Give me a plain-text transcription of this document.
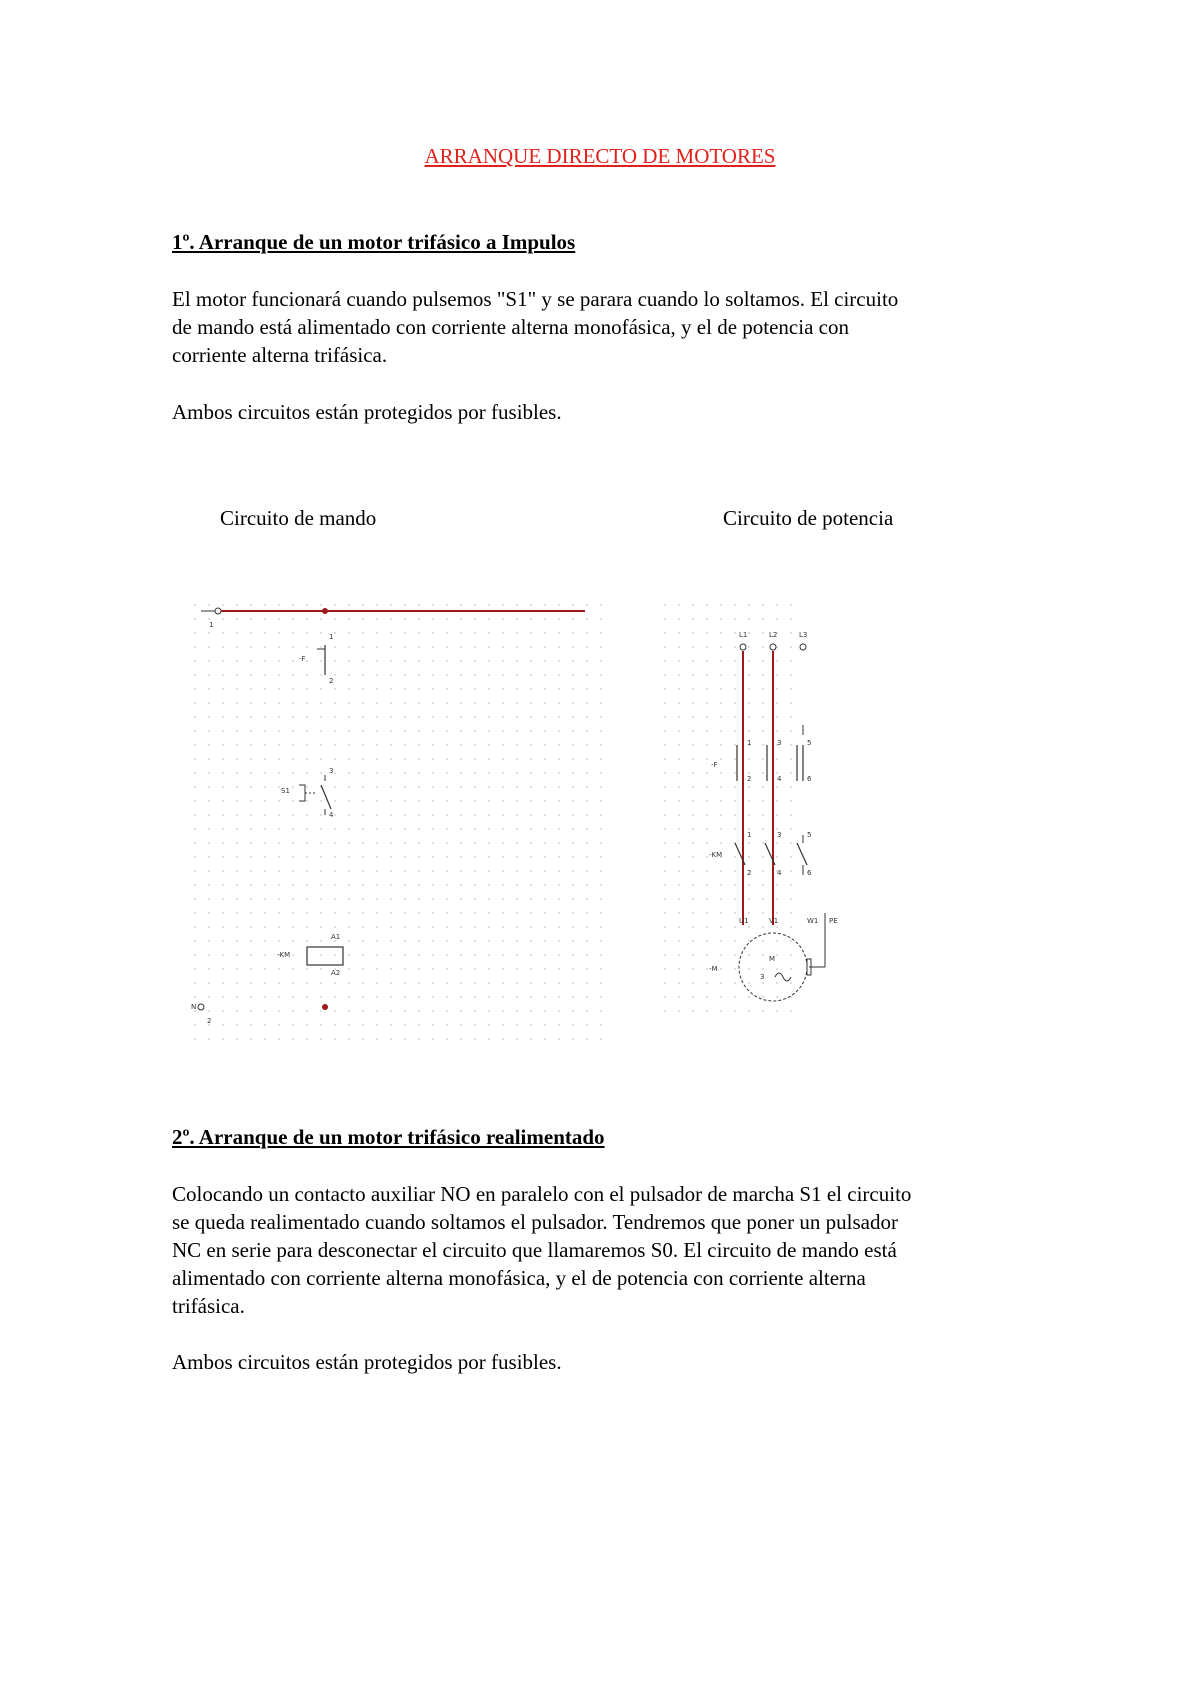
ARRANQUE DIRECTO DE MOTORES
1º. Arranque de un motor trifásico a Impulos
El motor funcionará cuando pulsemos "S1" y se parara cuando lo soltamos. El circuito
de mando está alimentado con corriente alterna monofásica, y el de potencia con
corriente alterna trifásica.
Ambos circuitos están protegidos por fusibles.
Circuito de mando	Circuito de potencia
1
-F
1
2
S1
3
4
-KM
A1
A2
N
2
L1	L2	L3
-F
1	3	5
2	4	6
-KM
1	3	5
2	4	6
U1	V1	W1 PE
-M
M
3
2º. Arranque de un motor trifásico realimentado
Colocando un contacto auxiliar NO en paralelo con el pulsador de marcha S1 el circuito
se queda realimentado cuando soltamos el pulsador. Tendremos que poner un pulsador
NC en serie para desconectar el circuito que llamaremos S0. El circuito de mando está
alimentado con corriente alterna monofásica, y el de potencia con corriente alterna
trifásica.
Ambos circuitos están protegidos por fusibles.
